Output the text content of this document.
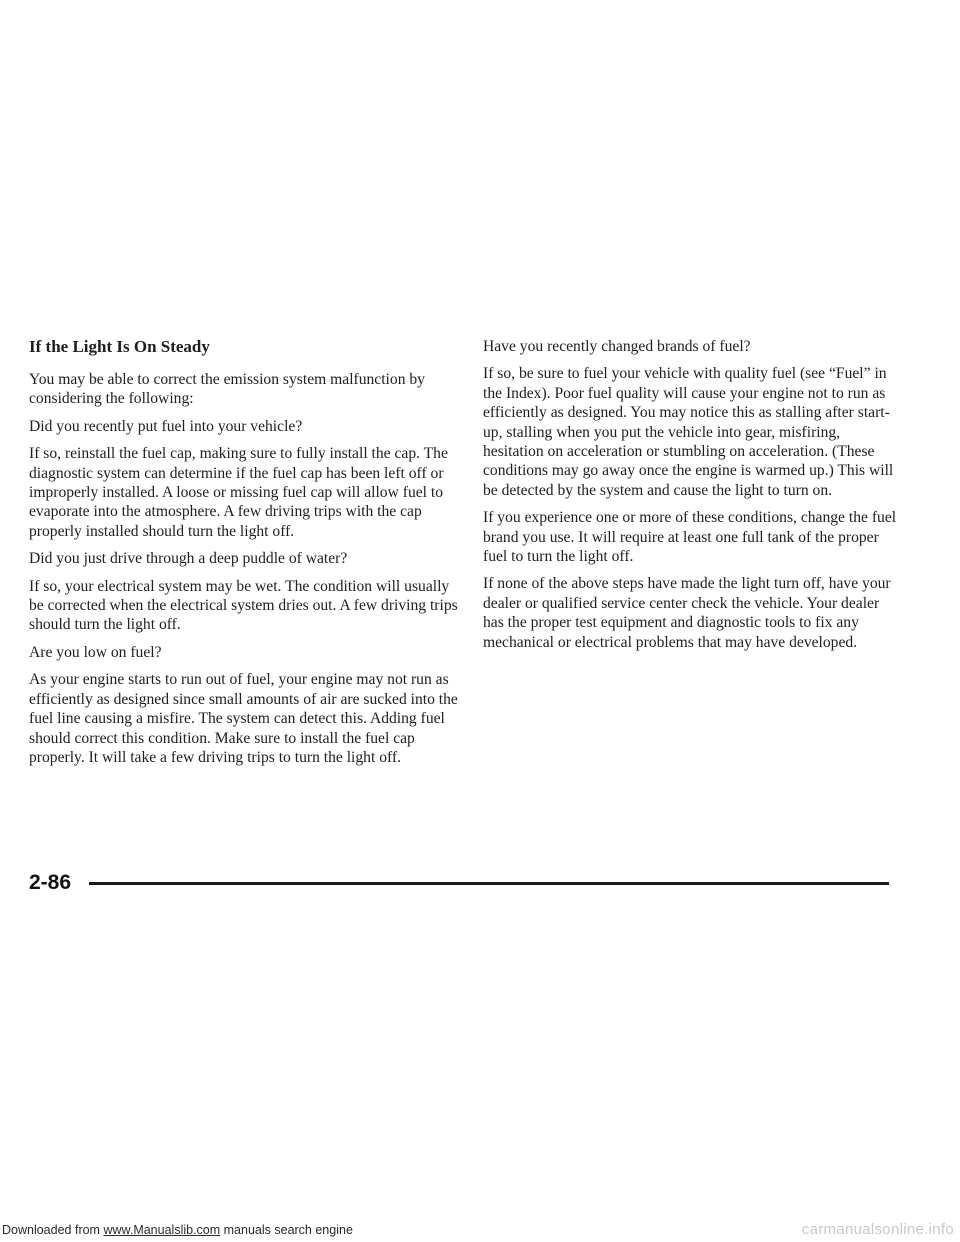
If the Light Is On Steady

You may be able to correct the emission system malfunction by considering the following:

Did you recently put fuel into your vehicle?

If so, reinstall the fuel cap, making sure to fully install the cap. The diagnostic system can determine if the fuel cap has been left off or improperly installed. A loose or missing fuel cap will allow fuel to evaporate into the atmosphere. A few driving trips with the cap properly installed should turn the light off.

Did you just drive through a deep puddle of water?

If so, your electrical system may be wet. The condition will usually be corrected when the electrical system dries out. A few driving trips should turn the light off.

Are you low on fuel?

As your engine starts to run out of fuel, your engine may not run as efficiently as designed since small amounts of air are sucked into the fuel line causing a misfire. The system can detect this. Adding fuel should correct this condition. Make sure to install the fuel cap properly. It will take a few driving trips to turn the light off.

Have you recently changed brands of fuel?

If so, be sure to fuel your vehicle with quality fuel (see “Fuel” in the Index). Poor fuel quality will cause your engine not to run as efficiently as designed. You may notice this as stalling after start-up, stalling when you put the vehicle into gear, misfiring, hesitation on acceleration or stumbling on acceleration. (These conditions may go away once the engine is warmed up.) This will be detected by the system and cause the light to turn on.

If you experience one or more of these conditions, change the fuel brand you use. It will require at least one full tank of the proper fuel to turn the light off.

If none of the above steps have made the light turn off, have your dealer or qualified service center check the vehicle. Your dealer has the proper test equipment and diagnostic tools to fix any mechanical or electrical problems that may have developed.

2-86
Downloaded from www.Manualslib.com manuals search engine	carmanualsonline.info
